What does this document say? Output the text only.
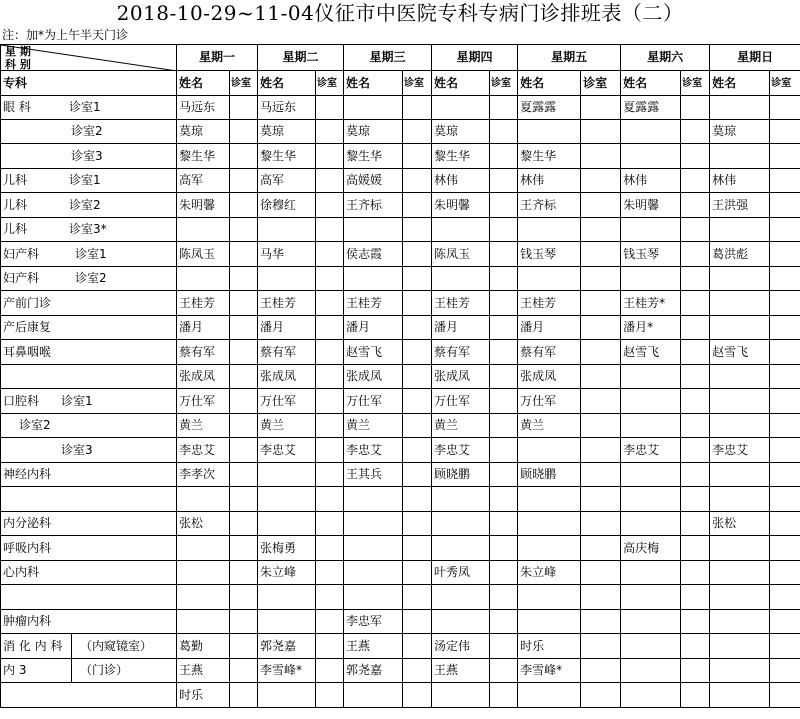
2018-10-29~11-04仪征市中医院专科专病门诊排班表（二）
注：加*为上午半天门诊
星 期
科 别		星期一		星期二		星期三		星期四		星期五		星期六		星期日	
专科		姓名	诊室	姓名	诊室	姓名	诊室	姓名	诊室	姓名	诊室	姓名	诊室	姓名	诊室
眼 科 诊室1		马远东		马远东						夏露露		夏露露			
诊室2		莫琼		莫琼		莫琼		莫琼						莫琼	
诊室3		黎生华		黎生华		黎生华		黎生华		黎生华					
儿科 诊室1		高军		高军		高媛媛		林伟		林伟		林伟		林伟	
儿科 诊室2		朱明馨		徐穆红		王齐标		朱明馨		王齐标		朱明馨		王洪强	
儿科 诊室3*															
妇产科 诊室1		陈凤玉		马华		侯志霞		陈凤玉		钱玉琴		钱玉琴		葛洪彪	
妇产科 诊室2															
产前门诊		王桂芳		王桂芳		王桂芳		王桂芳		王桂芳		王桂芳*			
产后康复		潘月		潘月		潘月		潘月		潘月		潘月*			
耳鼻咽喉		蔡有军		蔡有军		赵雪飞		蔡有军		蔡有军		赵雪飞		赵雪飞	
		张成凤		张成凤		张成凤		张成凤		张成凤					
口腔科 诊室1		万仕军		万仕军		万仕军		万仕军		万仕军					
诊室2		黄兰		黄兰		黄兰		黄兰		黄兰					
诊室3		李忠艾		李忠艾		李忠艾		李忠艾				李忠艾		李忠艾	
神经内科		李孝次				王其兵		顾晓鹏		顾晓鹏					

内分泌科		张松												张松	
呼吸内科				张梅勇								高庆梅			
心内科				朱立峰				叶秀凤		朱立峰					

肿瘤内科						李忠军									
消 化 内 科	（内窥镜室）	葛勤		郭尧嘉		王燕		汤定伟		时乐					
内 3	（门诊）	王燕		李雪峰*		郭尧嘉		王燕		李雪峰*					
		时乐													
